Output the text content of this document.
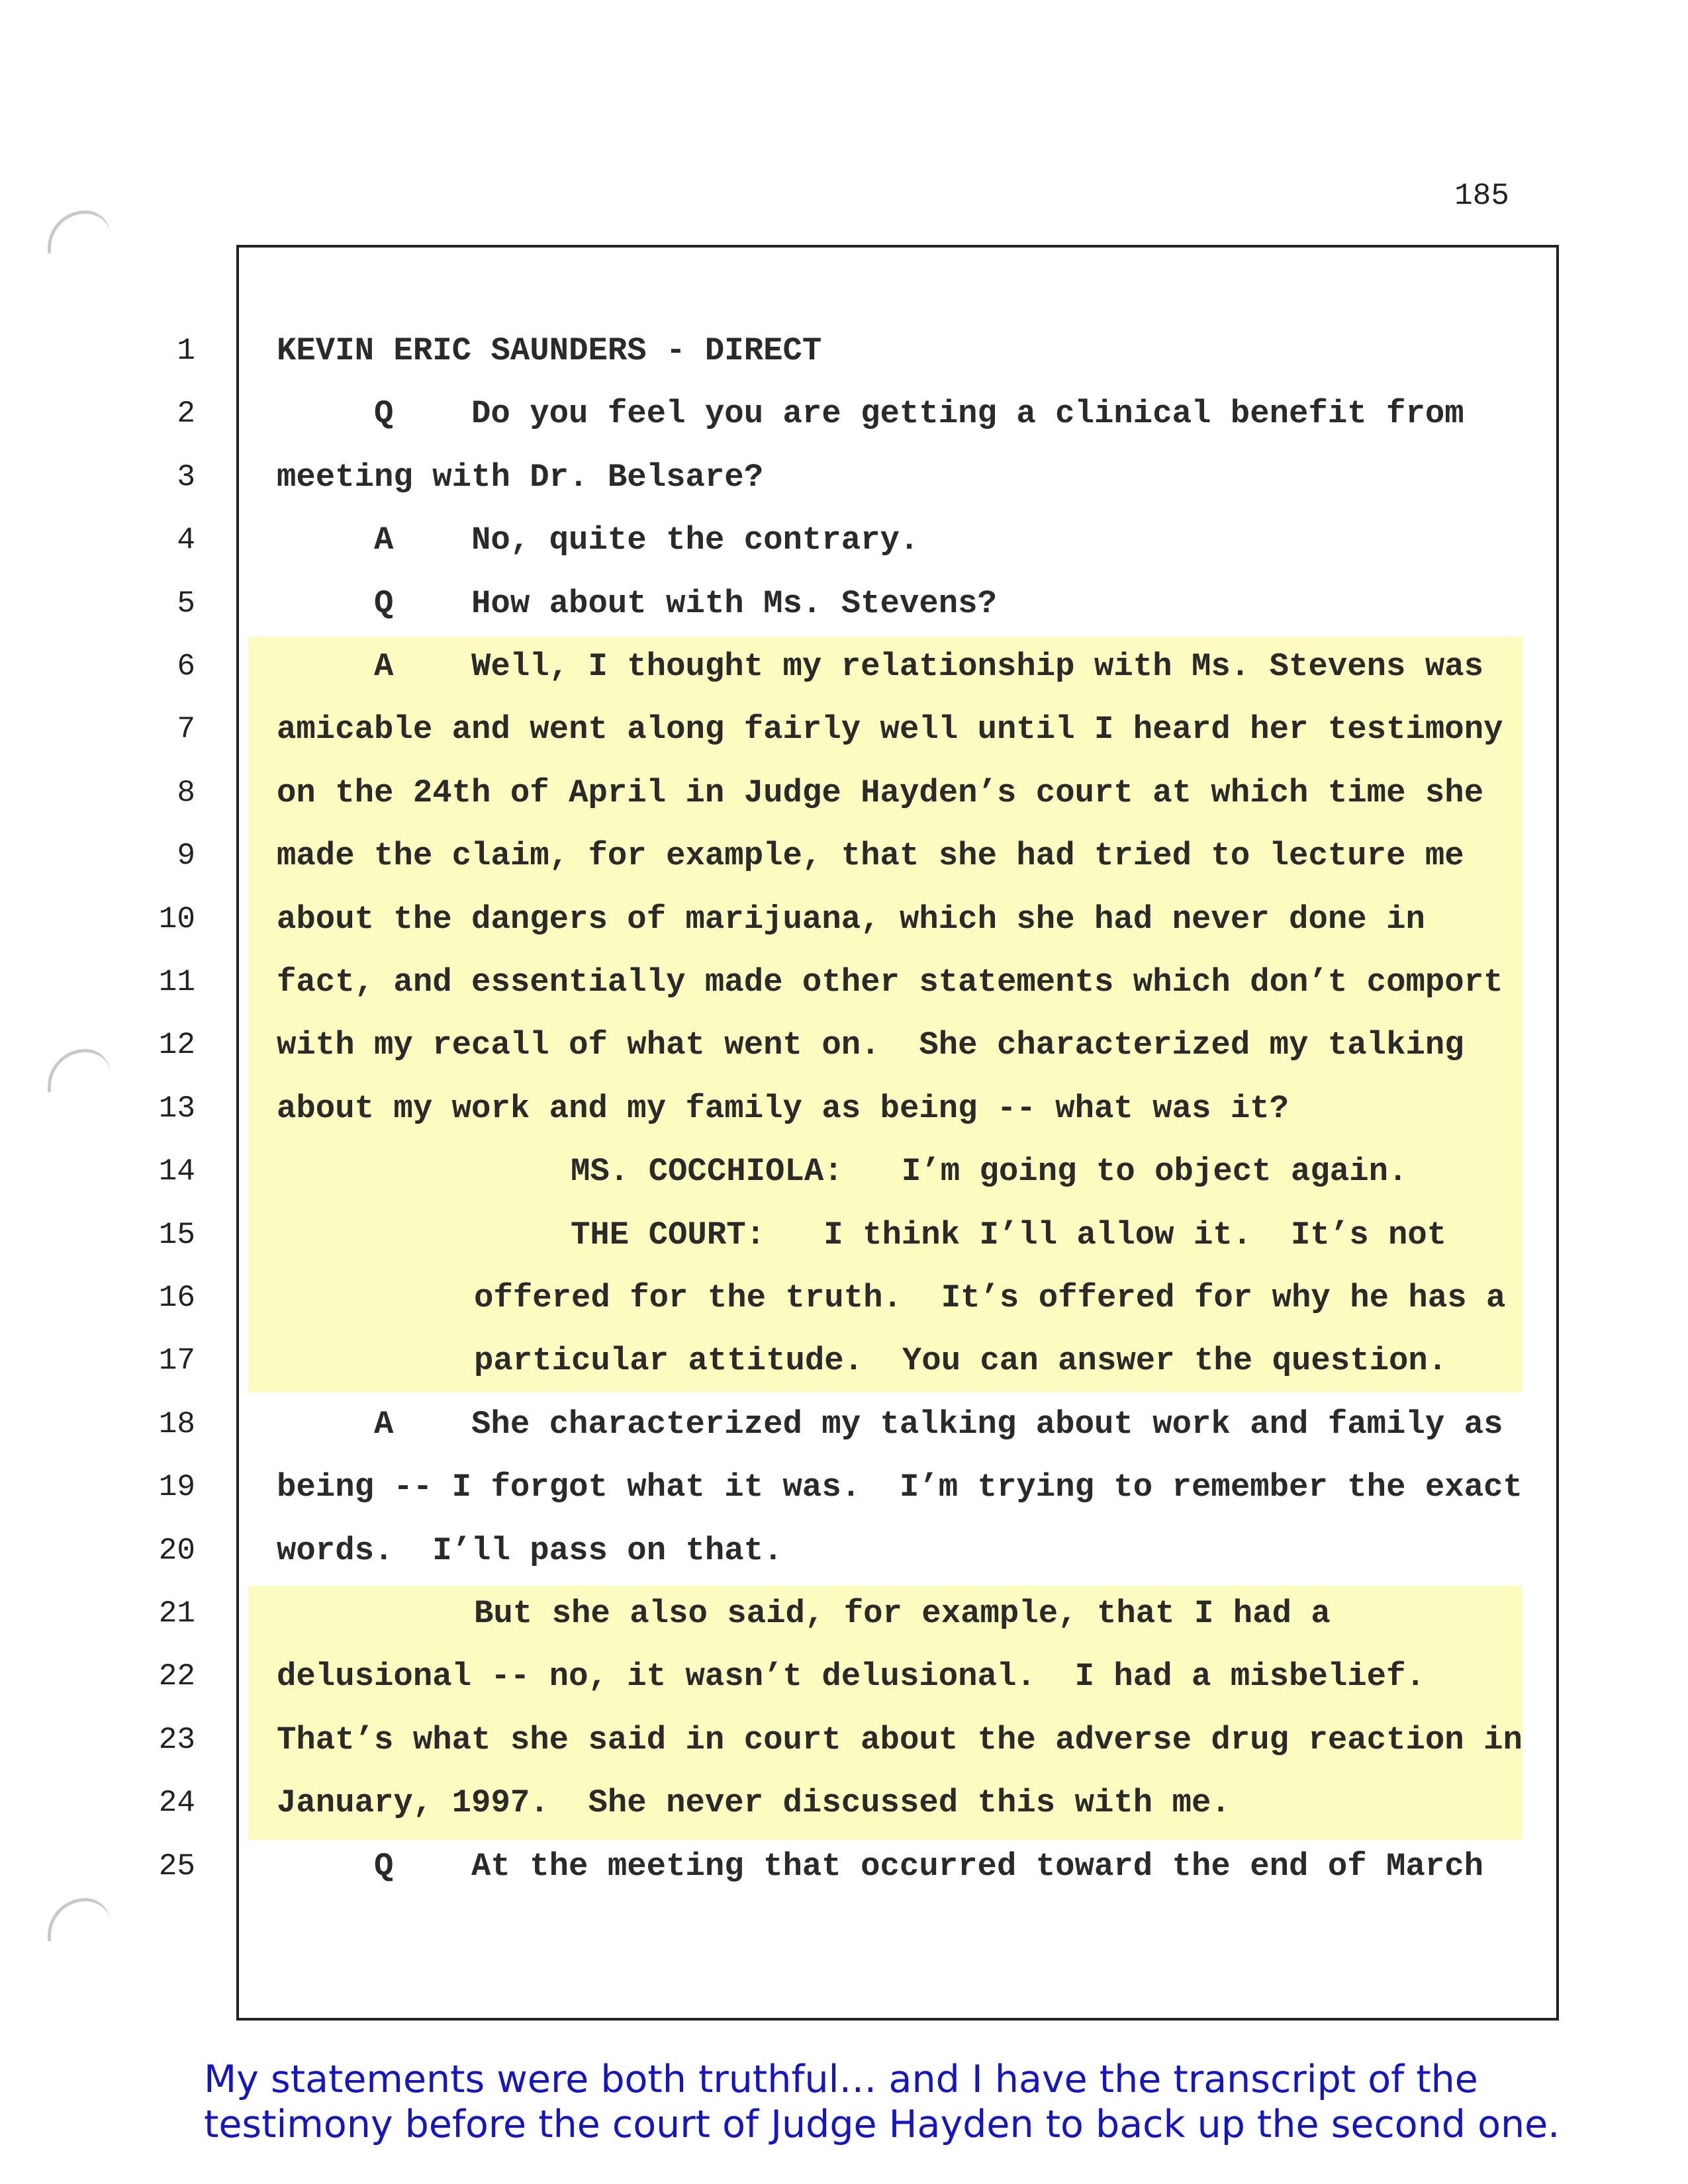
185
1	KEVIN ERIC SAUNDERS - DIRECT
2	Q    Do you feel you are getting a clinical benefit from
3	meeting with Dr. Belsare?
4	A    No, quite the contrary.
5	Q    How about with Ms. Stevens?
6	A    Well, I thought my relationship with Ms. Stevens was
7	amicable and went along fairly well until I heard her testimony
8	on the 24th of April in Judge Hayden’s court at which time she
9	made the claim, for example, that she had tried to lecture me
10	about the dangers of marijuana, which she had never done in
11	fact, and essentially made other statements which don’t comport
12	with my recall of what went on.  She characterized my talking
13	about my work and my family as being -- what was it?
14	MS. COCCHIOLA:   I’m going to object again.
15	THE COURT:   I think I’ll allow it.  It’s not
16	offered for the truth.  It’s offered for why he has a
17	particular attitude.  You can answer the question.
18	A    She characterized my talking about work and family as
19	being -- I forgot what it was.  I’m trying to remember the exact
20	words.  I’ll pass on that.
21	But she also said, for example, that I had a
22	delusional -- no, it wasn’t delusional.  I had a misbelief.
23	That’s what she said in court about the adverse drug reaction in
24	January, 1997.  She never discussed this with me.
25	Q    At the meeting that occurred toward the end of March
My statements were both truthful… and I have the transcript of the
testimony before the court of Judge Hayden to back up the second one.
